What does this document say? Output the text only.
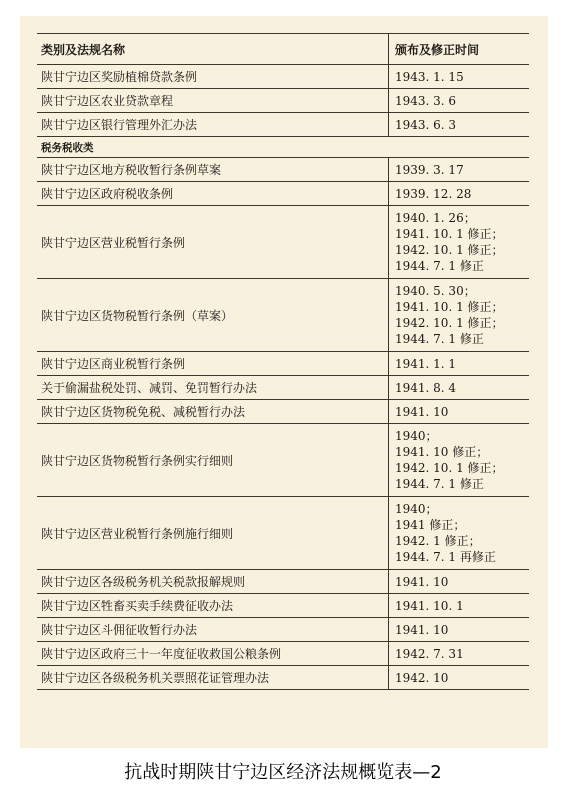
类别及法规名称	颁布及修正时间
陕甘宁边区奖励植棉贷款条例	1943. 1. 15

陕甘宁边区农业贷款章程	1943. 3. 6

陕甘宁边区银行管理外汇办法	1943. 6. 3

税务税收类	
陕甘宁边区地方税收暂行条例草案	1939. 3. 17

陕甘宁边区政府税收条例	1939. 12. 28

陕甘宁边区营业税暂行条例	1940. 1. 26；
1941. 10. 1 修正；
1942. 10. 1 修正；
1944. 7. 1 修正

陕甘宁边区货物税暂行条例（草案）	1940. 5. 30；
1941. 10. 1 修正；
1942. 10. 1 修正；
1944. 7. 1 修正

陕甘宁边区商业税暂行条例	1941. 1. 1

关于偷漏盐税处罚、减罚、免罚暂行办法	1941. 8. 4

陕甘宁边区货物税免税、减税暂行办法	1941. 10

陕甘宁边区货物税暂行条例实行细则	1940；
1941. 10 修正；
1942. 10. 1 修正；
1944. 7. 1 修正

陕甘宁边区营业税暂行条例施行细则	1940；
1941 修正；
1942. 1 修正；
1944. 7. 1 再修正

陕甘宁边区各级税务机关税款报解规则	1941. 10

陕甘宁边区牲畜买卖手续费征收办法	1941. 10. 1

陕甘宁边区斗佣征收暂行办法	1941. 10

陕甘宁边区政府三十一年度征收救国公粮条例	1942. 7. 31

陕甘宁边区各级税务机关票照花证管理办法	1942. 10
抗战时期陕甘宁边区经济法规概览表—2
